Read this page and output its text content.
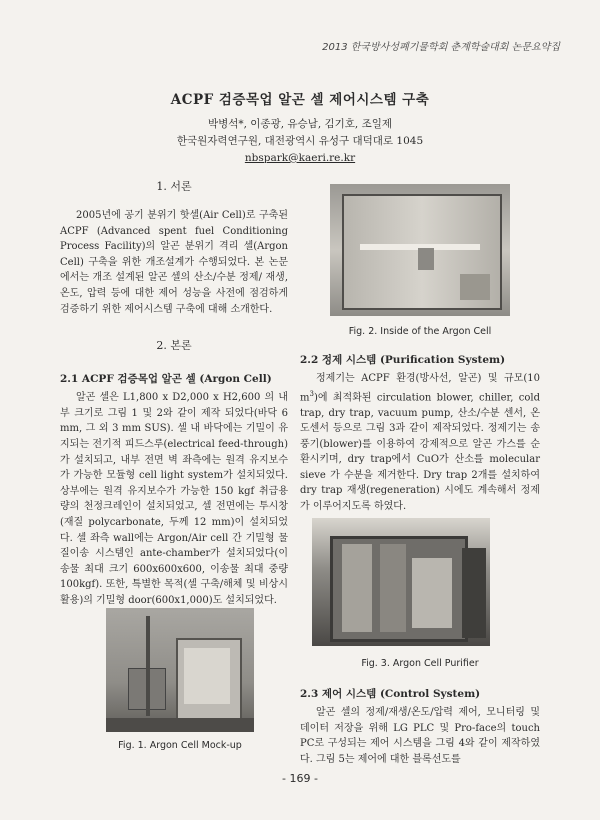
2013 한국방사성폐기물학회 춘계학술대회 논문요약집
ACPF 검증목업 알곤 셀 제어시스템 구축
박병석*, 이종광, 유승남, 김기호, 조일제
한국원자력연구원, 대전광역시 유성구 대덕대로 1045
nbspark@kaeri.re.kr
1. 서론

2005년에 공기 분위기 핫셀(Air Cell)로 구축된 ACPF (Advanced spent fuel Conditioning Process Facility)의 알곤 분위기 격리 셀(Argon Cell) 구축을 위한 개조설계가 수행되었다. 본 논문에서는 개조 설계된 알곤 셀의 산소/수분 정제/ 재생, 온도, 압력 등에 대한 제어 성능을 사전에 점검하게 검증하기 위한 제어시스템 구축에 대해 소개한다.

2. 본론
2.1 ACPF 검증목업 알곤 셀 (Argon Cell)

알곤 셀은 L1,800 x D2,000 x H2,600 의 내부 크기로 그림 1 및 2와 같이 제작 되었다(바닥 6 mm, 그 외 3 mm SUS). 셀 내 바닥에는 기밀이 유지되는 전기적 피드스루(electrical feed-through)가 설치되고, 내부 전면 벽 좌측에는 원격 유지보수가 가능한 모듈형 cell light system가 설치되었다. 상부에는 원격 유지보수가 가능한 150 kgf 취급용량의 천정크레인이 설치되었고, 셀 전면에는 투시창(재질 polycarbonate, 두께 12 mm)이 설치되었다. 셀 좌측 wall에는 Argon/Air cell 간 기밀형 물질이송 시스템인 ante-chamber가 설치되었다(이송물 최대 크기 600x600x600, 이송물 최대 중량 100kgf). 또한, 특별한 목적(셀 구축/해체 및 비상시 활용)의 기밀형 door(600x1,000)도 설치되었다.

Fig. 1. Argon Cell Mock-up
Fig. 2. Inside of the Argon Cell
2.2 정제 시스템 (Purification System)

정제기는 ACPF 환경(방사선, 알곤) 및 규모(10 $m^3$)에 최적화된 circulation blower, chiller, cold trap, dry trap, vacuum pump, 산소/수분 센서, 온도센서 등으로 그림 3과 같이 제작되었다. 정제기는 송풍기(blower)를 이용하여 강제적으로 알곤 가스를 순환시키며, dry trap에서 CuO가 산소를 molecular sieve 가 수분을 제거한다. Dry trap 2개를 설치하여 dry trap 재생(regeneration) 시에도 계속해서 정제가 이루어지도록 하였다.

Fig. 3. Argon Cell Purifier
2.3 제어 시스템 (Control System)

알곤 셀의 정제/재생/온도/압력 제어, 모니터링 및 데이터 저장을 위해 LG PLC 및 Pro-face의 touch PC로 구성되는 제어 시스템을 그림 4와 같이 제작하였다. 그림 5는 제어에 대한 블록선도를

- 169 -
